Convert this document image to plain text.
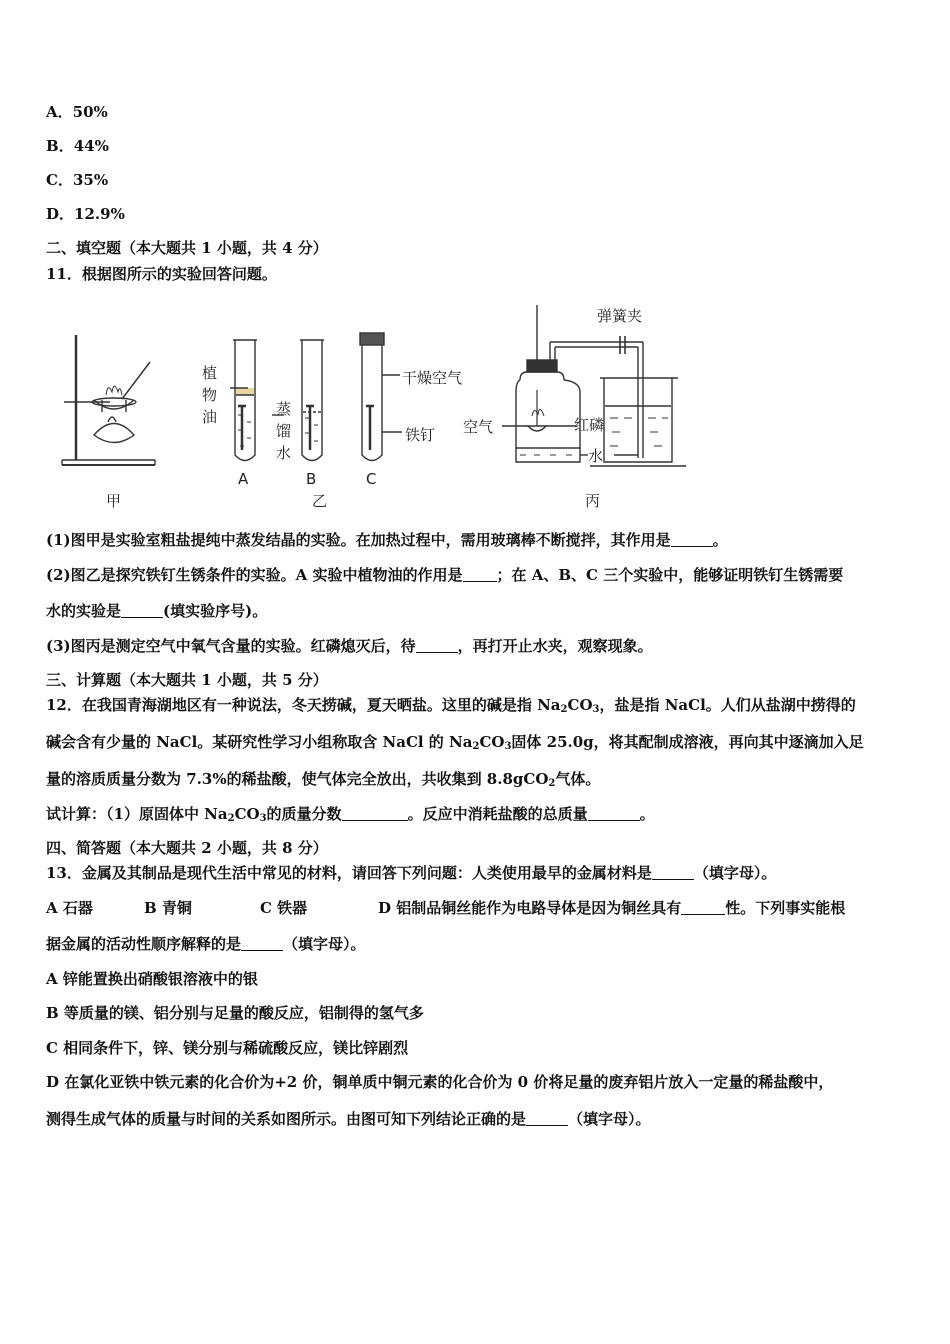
A．50%
B．44%
C．35%
D．12.9%
二、填空题（本大题共 1 小题，共 4 分）
11．根据图所示的实验回答问题。
植物油	蒸馏水
干燥空气
铁钉
A	B	C
弹簧夹
空气	红磷
水
甲	乙	丙
(1)图甲是实验室粗盐提纯中蒸发结晶的实验。在加热过程中，需用玻璃棒不断搅拌，其作用是	。
(2)图乙是探究铁钉生锈条件的实验。A 实验中植物油的作用是 ；在 A、B、C 三个实验中，能够证明铁钉生锈需要
水的实验是	(填实验序号)。
(3)图丙是测定空气中氧气含量的实验。红磷熄灭后，待	，再打开止水夹，观察现象。
三、计算题（本大题共 1 小题，共 5 分）
12．在我国青海湖地区有一种说法，冬天捞碱，夏天晒盐。这里的碱是指 $Na_2CO_3$，盐是指 NaCl。人们从盐湖中捞得的
碱会含有少量的 NaCl。某研究性学习小组称取含 NaCl 的 $Na_2CO_3$固体 25.0g，将其配制成溶液，再向其中逐滴加入足
量的溶质质量分数为 7.3%的稀盐酸，使气体完全放出，共收集到 8.8gCO$_2$气体。
试计算：（1）原固体中 $Na_2CO_3$的质量分数	。反应中消耗盐酸的总质量	。
四、简答题（本大题共 2 小题，共 8 分）
13．金属及其制品是现代生活中常见的材料，请回答下列问题：人类使用最早的金属材料是	（填字母）。
A 石器	B 青铜	C 铁器	D 铝制品铜丝能作为电路导体是因为铜丝具有	性。下列事实能根
据金属的活动性顺序解释的是	（填字母）。
A 锌能置换出硝酸银溶液中的银
B 等质量的镁、铝分别与足量的酸反应，铝制得的氢气多
C 相同条件下，锌、镁分别与稀硫酸反应，镁比锌剧烈
D 在氯化亚铁中铁元素的化合价为+2 价，铜单质中铜元素的化合价为 0 价将足量的废弃铝片放入一定量的稀盐酸中，
测得生成气体的质量与时间的关系如图所示。由图可知下列结论正确的是	（填字母）。
